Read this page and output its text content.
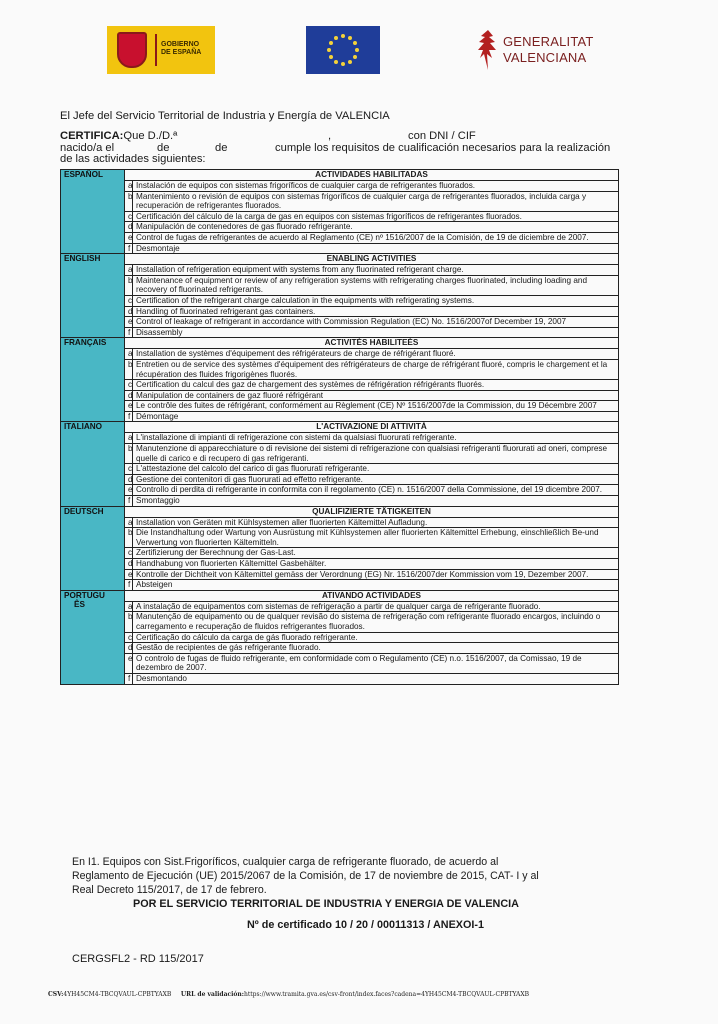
GOBIERNO
DE ESPAÑA
GENERALITAT
VALENCIANA
El Jefe del Servicio Territorial de Industria y Energía de VALENCIA
CERTIFICA:Que D./D.ª	,	con DNI / CIF
nacido/a el	de	de	cumple los requisitos de cualificación necesarios para la realización
de las actividades siguientes:
ESPAÑOL	ACTIVIDADES HABILITADAS	
	a	Instalación de equipos con sistemas frigoríficos de cualquier carga de refrigerantes fluorados.
	b	Mantenimiento o revisión de equipos con sistemas frigoríficos de cualquier carga de refrigerantes fluorados, incluida carga y recuperación de refrigerantes fluorados.
	c	Certificación del cálculo de la carga de gas en equipos con sistemas frigoríficos de refrigerantes fluorados.
	d	Manipulación de contenedores de gas fluorado refrigerante.
	e	Control de fugas de refrigerantes de acuerdo al Reglamento (CE) nº 1516/2007 de la Comisión, de 19 de diciembre de 2007.
	f	Desmontaje

ENGLISH	ENABLING ACTIVITIES	
	a	Installation of refrigeration equipment with systems from any fluorinated refrigerant charge.
	b	Maintenance of equipment or review of any refrigeration systems with refrigerating charges fluorinated, including loading and recovery of fluorinated refrigerants.
	c	Certification of the refrigerant charge calculation in the equipments with refrigerating systems.
	d	Handling of fluorinated refrigerant gas containers.
	e	Control of leakage of refrigerant in accordance with Commission Regulation (EC) No. 1516/2007of December 19, 2007
	f	Disassembly

FRANÇAIS	ACTIVITÉS HABILITEÉS	
	a	Installation de systèmes d'équipement des réfrigérateurs de charge de réfrigérant fluoré.
	b	Entretien ou de service des systèmes d'équipement des réfrigérateurs de charge de réfrigérant fluoré, compris le chargement et la récupération des fluides frigorigènes fluorés.
	c	Certification du calcul des gaz de chargement des systèmes de réfrigération réfrigérants fluorés.
	d	Manipulation de containers de gaz fluoré réfrigérant
	e	Le contrôle des fuites de réfrigérant, conformément au Règlement (CE) Nº 1516/2007de la Commission, du 19 Décembre 2007
	f	Démontage

ITALIANO	L'ACTIVAZIONE DI ATTIVITÀ	
	a	L'installazione di impianti di refrigerazione con sistemi da qualsiasi fluorurati refrigerante.
	b	Manutenzione di apparecchiature o di revisione dei sistemi di refrigerazione con qualsiasi refrigeranti fluorurati ad oneri, comprese quelle di carico e di recupero di gas refrigeranti.
	c	L'attestazione del calcolo del carico di gas fluorurati refrigerante.
	d	Gestione dei contenitori di gas fluorurati ad effetto refrigerante.
	e	Controllo di perdita di refrigerante in conformita con il regolamento (CE) n. 1516/2007 della Commissione, del 19 dicembre 2007.
	f	Smontaggio

DEUTSCH	QUALIFIZIERTE TÄTIGKEITEN	
	a	Installation von Geräten mit Kühlsystemen aller fluorierten Kältemittel Aufladung.
	b	Die Instandhaltung oder Wartung von Ausrüstung mit Kühlsystemen aller fluorierten Kältemittel Erhebung, einschließlich Be-und Verwertung von fluorierten Kältemitteln.
	c	Zertifizierung der Berechnung der Gas-Last.
	d	Handhabung von fluorierten Kältemittel Gasbehälter.
	e	Kontrolle der Dichtheit von Kältemittel gemäss der Verordnung (EG) Nr. 1516/2007der Kommission vom 19, Dezember 2007.
	f	Absteigen

PORTUGU
ÊS	ATIVANDO ACTIVIDADES	
	a	A instalação de equipamentos com sistemas de refrigeração a partir de qualquer carga de refrigerante fluorado.
	b	Manutenção de equipamento ou de qualquer revisão do sistema de refrigeração com refrigerante fluorado encargos, incluindo o carregamento e recuperação de fluidos refrigerantes fluorados.
	c	Certificação do cálculo da carga de gás fluorado refrigerante.
	d	Gestão de recipientes de gás refrigerante fluorado.
	e	O controlo de fugas de fluido refrigerante, em conformidade com o Regulamento (CE) n.o. 1516/2007, da Comissao, 19 de dezembro de 2007.
	f	Desmontando
En I1. Equipos con Sist.Frigoríficos, cualquier carga de refrigerante fluorado, de acuerdo al
Reglamento de Ejecución (UE) 2015/2067 de la Comisión, de 17 de noviembre de 2015, CAT- I y al
Real Decreto 115/2017, de 17 de febrero.
POR EL SERVICIO TERRITORIAL DE INDUSTRIA Y ENERGIA DE VALENCIA
Nº de certificado 10 / 20 / 00011313 / ANEXOI-1
CERGSFL2 - RD 115/2017
CSV:4YH45CM4-TBCQVAUL-CPBTYAXB URL de validación:https://www.tramita.gva.es/csv-front/index.faces?cadena=4YH45CM4-TBCQVAUL-CPBTYAXB
